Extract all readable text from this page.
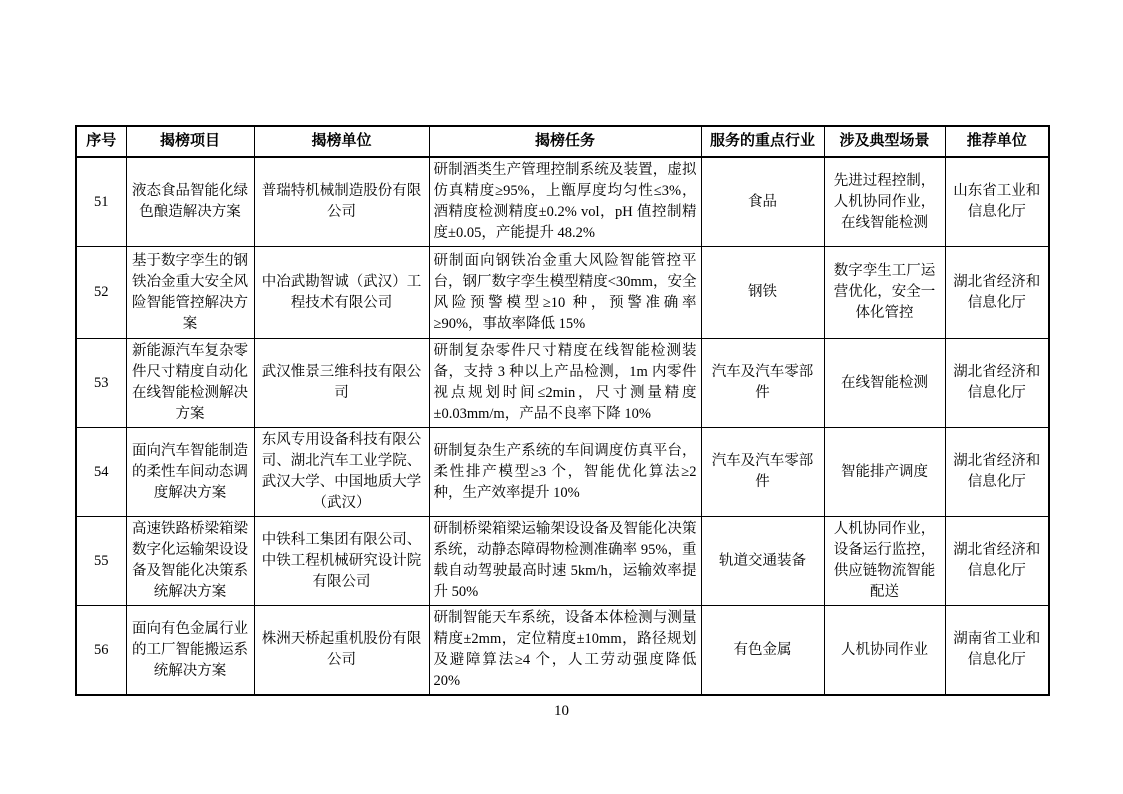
序号	揭榜项目	揭榜单位	揭榜任务	服务的重点行业	涉及典型场景	推荐单位
51	液态食品智能化绿色酿造解决方案	普瑞特机械制造股份有限公司	研制酒类生产管理控制系统及装置，虚拟仿真精度≥95%，上甑厚度均匀性≤3%，酒精度检测精度±0.2% vol，pH 值控制精度±0.05，产能提升 48.2%	食品	先进过程控制，人机协同作业，在线智能检测	山东省工业和信息化厅
52	基于数字孪生的钢铁冶金重大安全风险智能管控解决方案	中冶武勘智诚（武汉）工程技术有限公司	研制面向钢铁冶金重大风险智能管控平台，钢厂数字孪生模型精度<30mm，安全风险预警模型≥10 种，预警准确率≥90%，事故率降低 15%	钢铁	数字孪生工厂运营优化，安全一体化管控	湖北省经济和信息化厅
53	新能源汽车复杂零件尺寸精度自动化在线智能检测解决方案	武汉惟景三维科技有限公司	研制复杂零件尺寸精度在线智能检测装备，支持 3 种以上产品检测，1m 内零件视点规划时间≤2min，尺寸测量精度±0.03mm/m，产品不良率下降 10%	汽车及汽车零部件	在线智能检测	湖北省经济和信息化厅
54	面向汽车智能制造的柔性车间动态调度解决方案	东风专用设备科技有限公司、湖北汽车工业学院、武汉大学、中国地质大学（武汉）	研制复杂生产系统的车间调度仿真平台，柔性排产模型≥3 个，智能优化算法≥2 种，生产效率提升 10%	汽车及汽车零部件	智能排产调度	湖北省经济和信息化厅
55	高速铁路桥梁箱梁数字化运输架设设备及智能化决策系统解决方案	中铁科工集团有限公司、中铁工程机械研究设计院有限公司	研制桥梁箱梁运输架设设备及智能化决策系统，动静态障碍物检测准确率 95%，重载自动驾驶最高时速 5km/h，运输效率提升 50%	轨道交通装备	人机协同作业，设备运行监控，供应链物流智能配送	湖北省经济和信息化厅
56	面向有色金属行业的工厂智能搬运系统解决方案	株洲天桥起重机股份有限公司	研制智能天车系统，设备本体检测与测量精度±2mm，定位精度±10mm，路径规划及避障算法≥4 个，人工劳动强度降低 20%	有色金属	人机协同作业	湖南省工业和信息化厅
10
